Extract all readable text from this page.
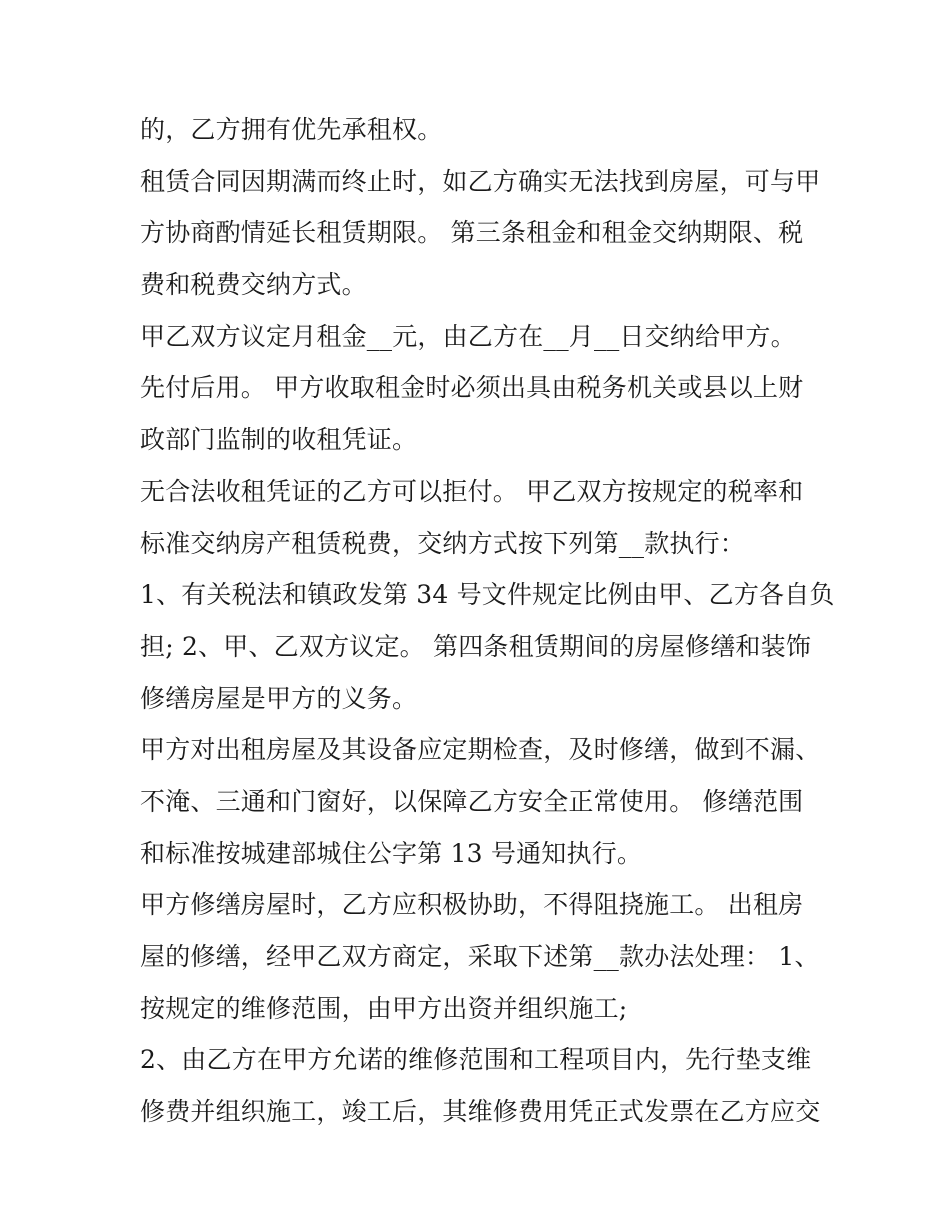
的，乙方拥有优先承租权。
租赁合同因期满而终止时，如乙方确实无法找到房屋，可与甲
方协商酌情延长租赁期限。 第三条租金和租金交纳期限、税
费和税费交纳方式。
甲乙双方议定月租金__元，由乙方在__月__日交纳给甲方。
先付后用。 甲方收取租金时必须出具由税务机关或县以上财
政部门监制的收租凭证。
无合法收租凭证的乙方可以拒付。 甲乙双方按规定的税率和
标准交纳房产租赁税费，交纳方式按下列第__款执行：
1、有关税法和镇政发第 34 号文件规定比例由甲、乙方各自负
担; 2、甲、乙双方议定。 第四条租赁期间的房屋修缮和装饰
修缮房屋是甲方的义务。
甲方对出租房屋及其设备应定期检查，及时修缮，做到不漏、
不淹、三通和门窗好，以保障乙方安全正常使用。 修缮范围
和标准按城建部城住公字第 13 号通知执行。
甲方修缮房屋时，乙方应积极协助，不得阻挠施工。 出租房
屋的修缮，经甲乙双方商定，采取下述第__款办法处理： 1、
按规定的维修范围，由甲方出资并组织施工;
2、由乙方在甲方允诺的维修范围和工程项目内，先行垫支维
修费并组织施工，竣工后，其维修费用凭正式发票在乙方应交
